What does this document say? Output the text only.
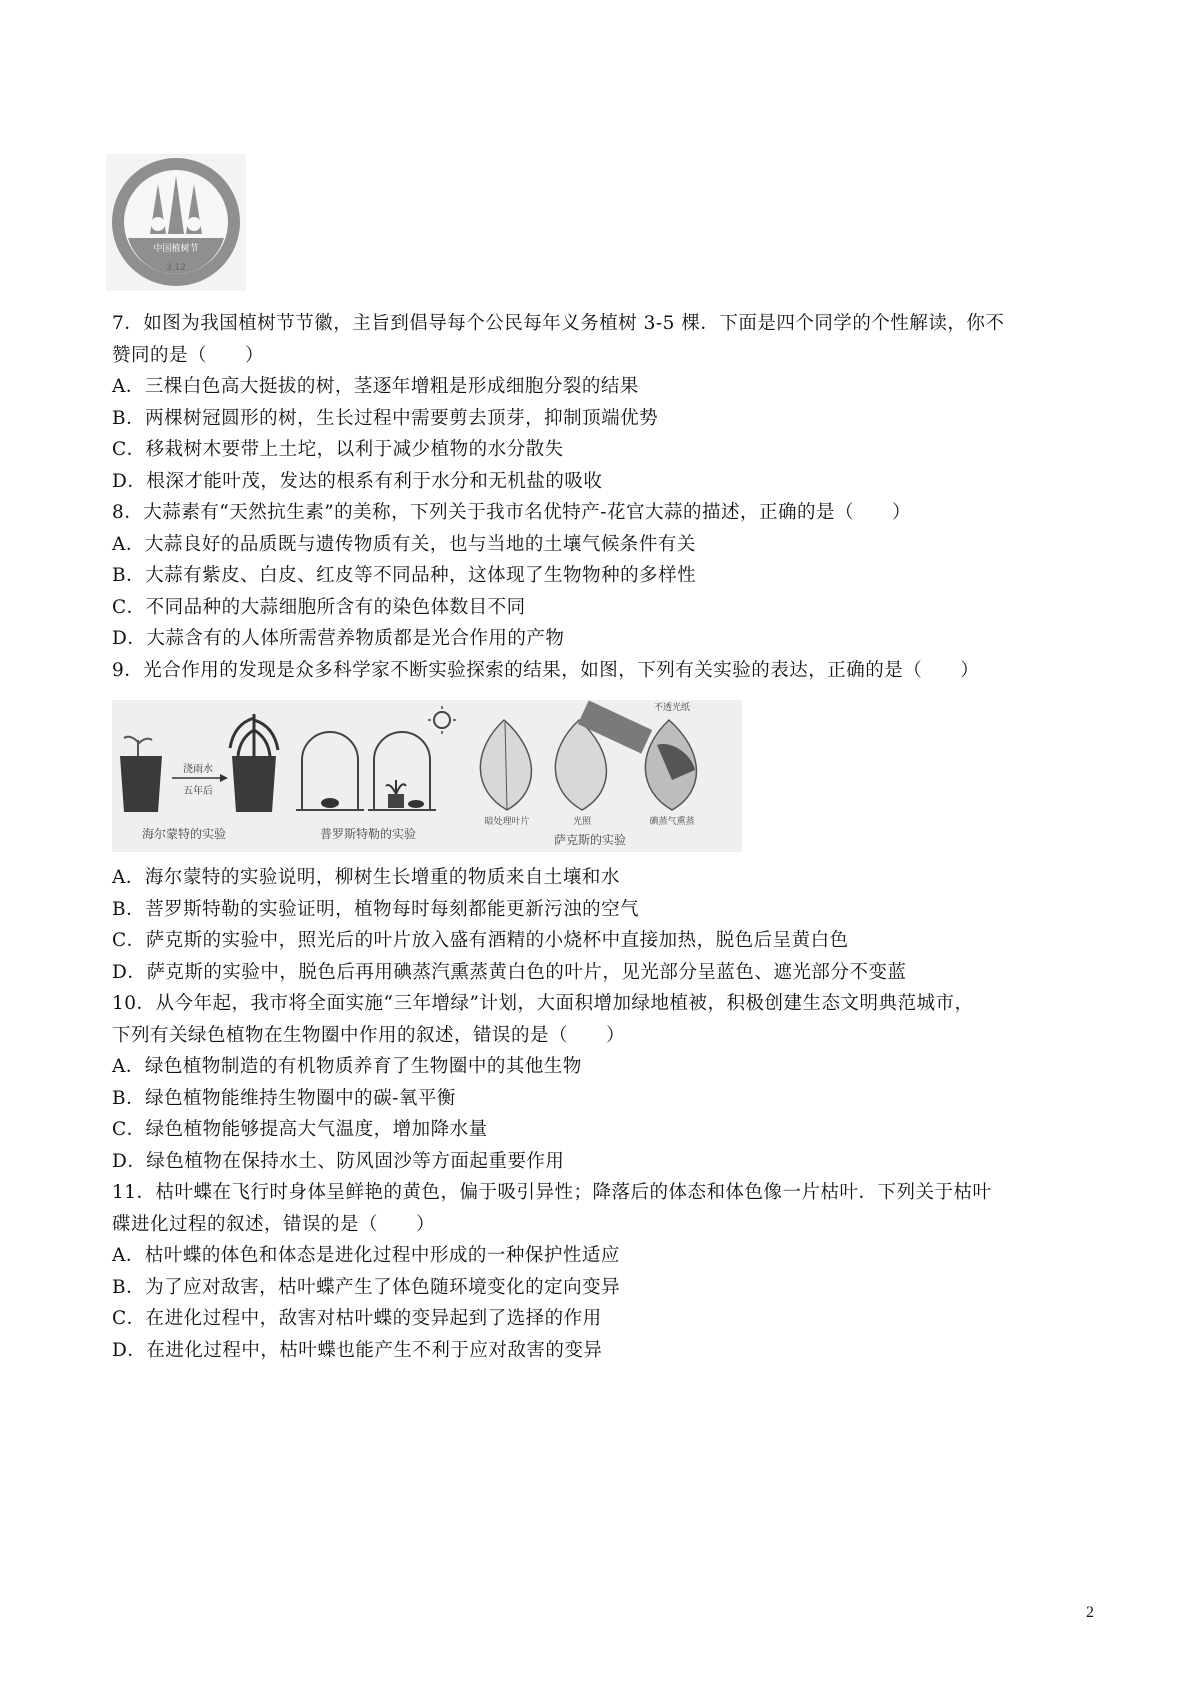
中国植树节
3.12
7．如图为我国植树节节徽，主旨到倡导每个公民每年义务植树 3-5 棵．下面是四个同学的个性解读，你不
赞同的是（　　）
A．三棵白色高大挺拔的树，茎逐年增粗是形成细胞分裂的结果
B．两棵树冠圆形的树，生长过程中需要剪去顶芽，抑制顶端优势
C．移栽树木要带上土坨，以利于减少植物的水分散失
D．根深才能叶茂，发达的根系有利于水分和无机盐的吸收
8．大蒜素有“天然抗生素”的美称，下列关于我市名优特产-花官大蒜的描述，正确的是（　　）
A．大蒜良好的品质既与遗传物质有关，也与当地的土壤气候条件有关
B．大蒜有紫皮、白皮、红皮等不同品种，这体现了生物物种的多样性
C．不同品种的大蒜细胞所含有的染色体数目不同
D．大蒜含有的人体所需营养物质都是光合作用的产物
9．光合作用的发现是众多科学家不断实验探索的结果，如图，下列有关实验的表达，正确的是（　　）
浇雨水
五年后
海尔蒙特的实验	普罗斯特勒的实验
不透光纸
暗处理叶片	光照	碘蒸气熏蒸
萨克斯的实验
A．海尔蒙特的实验说明，柳树生长增重的物质来自土壤和水
B．菩罗斯特勒的实验证明，植物每时每刻都能更新污浊的空气
C．萨克斯的实验中，照光后的叶片放入盛有酒精的小烧杯中直接加热，脱色后呈黄白色
D．萨克斯的实验中，脱色后再用碘蒸汽熏蒸黄白色的叶片，见光部分呈蓝色、遮光部分不变蓝
10．从今年起，我市将全面实施“三年增绿”计划，大面积增加绿地植被，积极创建生态文明典范城市，
下列有关绿色植物在生物圈中作用的叙述，错误的是（　　）
A．绿色植物制造的有机物质养育了生物圈中的其他生物
B．绿色植物能维持生物圈中的碳-氧平衡
C．绿色植物能够提高大气温度，增加降水量
D．绿色植物在保持水土、防风固沙等方面起重要作用
11．枯叶蝶在飞行时身体呈鲜艳的黄色，偏于吸引异性；降落后的体态和体色像一片枯叶．下列关于枯叶
碟进化过程的叙述，错误的是（　　）
A．枯叶蝶的体色和体态是进化过程中形成的一种保护性适应
B．为了应对敌害，枯叶蝶产生了体色随环境变化的定向变异
C．在进化过程中，敌害对枯叶蝶的变异起到了选择的作用
D．在进化过程中，枯叶蝶也能产生不利于应对敌害的变异
2
